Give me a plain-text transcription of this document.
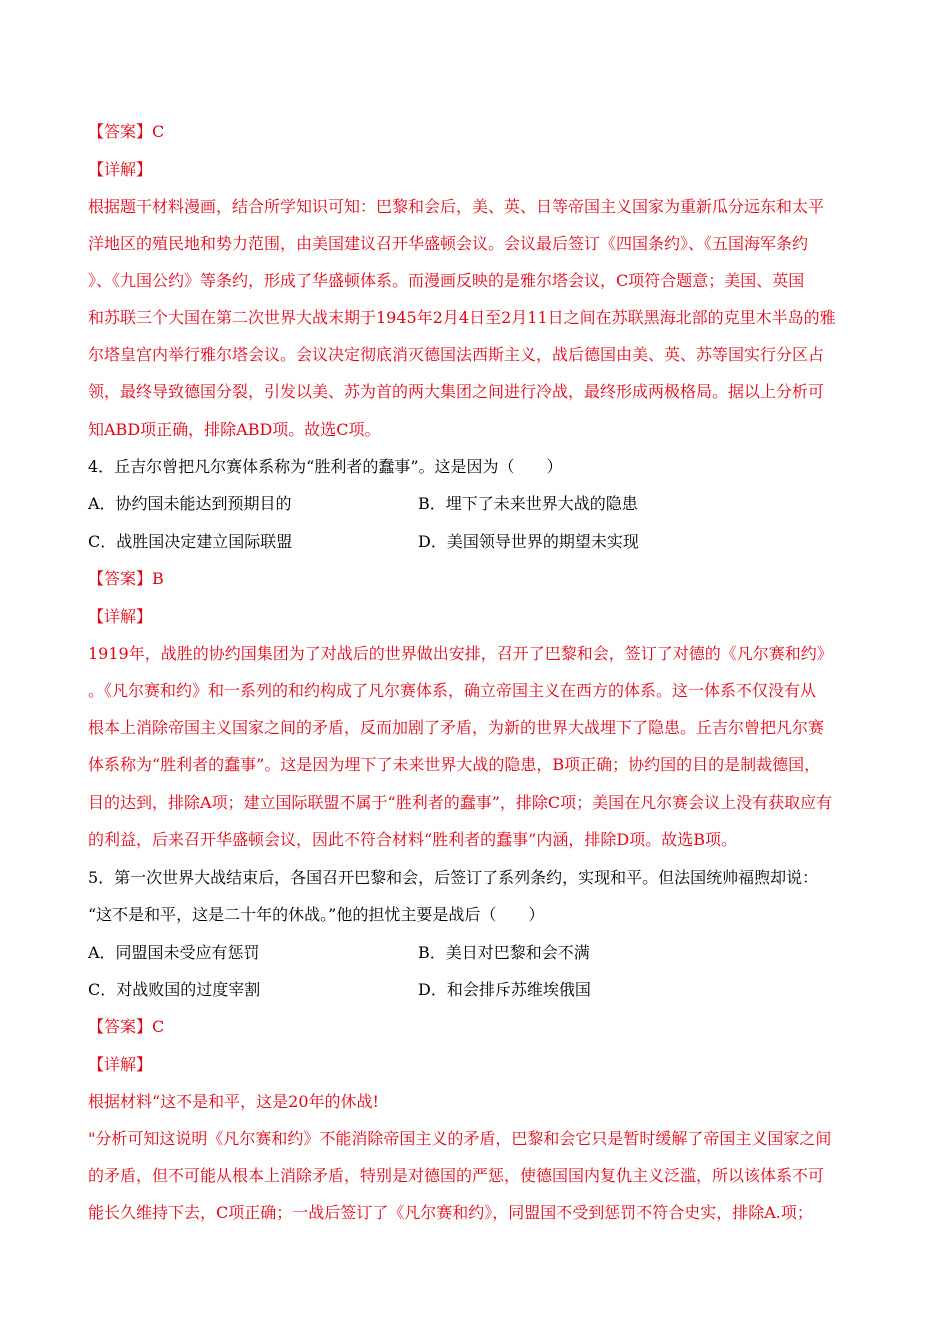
【答案】C
【详解】
根据题干材料漫画，结合所学知识可知：巴黎和会后，美、英、日等帝国主义国家为重新瓜分远东和太平
洋地区的殖民地和势力范围，由美国建议召开华盛顿会议。会议最后签订《四国条约》、《五国海军条约
》、《九国公约》等条约，形成了华盛顿体系。而漫画反映的是雅尔塔会议，C项符合题意；美国、英国
和苏联三个大国在第二次世界大战末期于1945年2月4日至2月11日之间在苏联黑海北部的克里木半岛的雅
尔塔皇宫内举行雅尔塔会议。会议决定彻底消灭德国法西斯主义，战后德国由美、英、苏等国实行分区占
领，最终导致德国分裂，引发以美、苏为首的两大集团之间进行冷战，最终形成两极格局。据以上分析可
知ABD项正确，排除ABD项。故选C项。
4．丘吉尔曾把凡尔赛体系称为“胜利者的蠢事”。这是因为（　　）
A．协约国未能达到预期目的	B．埋下了未来世界大战的隐患
C．战胜国决定建立国际联盟	D．美国领导世界的期望未实现
【答案】B
【详解】
1919年，战胜的协约国集团为了对战后的世界做出安排，召开了巴黎和会，签订了对德的《凡尔赛和约》
。《凡尔赛和约》和一系列的和约构成了凡尔赛体系，确立帝国主义在西方的体系。这一体系不仅没有从
根本上消除帝国主义国家之间的矛盾，反而加剧了矛盾，为新的世界大战埋下了隐患。丘吉尔曾把凡尔赛
体系称为“胜利者的蠢事”。这是因为埋下了未来世界大战的隐患，B项正确；协约国的目的是制裁德国，
目的达到，排除A项；建立国际联盟不属于“胜利者的蠢事”，排除C项；美国在凡尔赛会议上没有获取应有
的利益，后来召开华盛顿会议，因此不符合材料“胜利者的蠢事”内涵，排除D项。故选B项。
5．第一次世界大战结束后，各国召开巴黎和会，后签订了系列条约，实现和平。但法国统帅福煦却说：
“这不是和平，这是二十年的休战。”他的担忧主要是战后（　　）
A．同盟国未受应有惩罚	B．美日对巴黎和会不满
C．对战败国的过度宰割	D．和会排斥苏维埃俄国
【答案】C
【详解】
根据材料“这不是和平，这是20年的休战!
"分析可知这说明《凡尔赛和约》不能消除帝国主义的矛盾，巴黎和会它只是暂时缓解了帝国主义国家之间
的矛盾，但不可能从根本上消除矛盾，特别是对德国的严惩，使德国国内复仇主义泛滥，所以该体系不可
能长久维持下去，C项正确；一战后签订了《凡尔赛和约》，同盟国不受到惩罚不符合史实，排除A.项；
